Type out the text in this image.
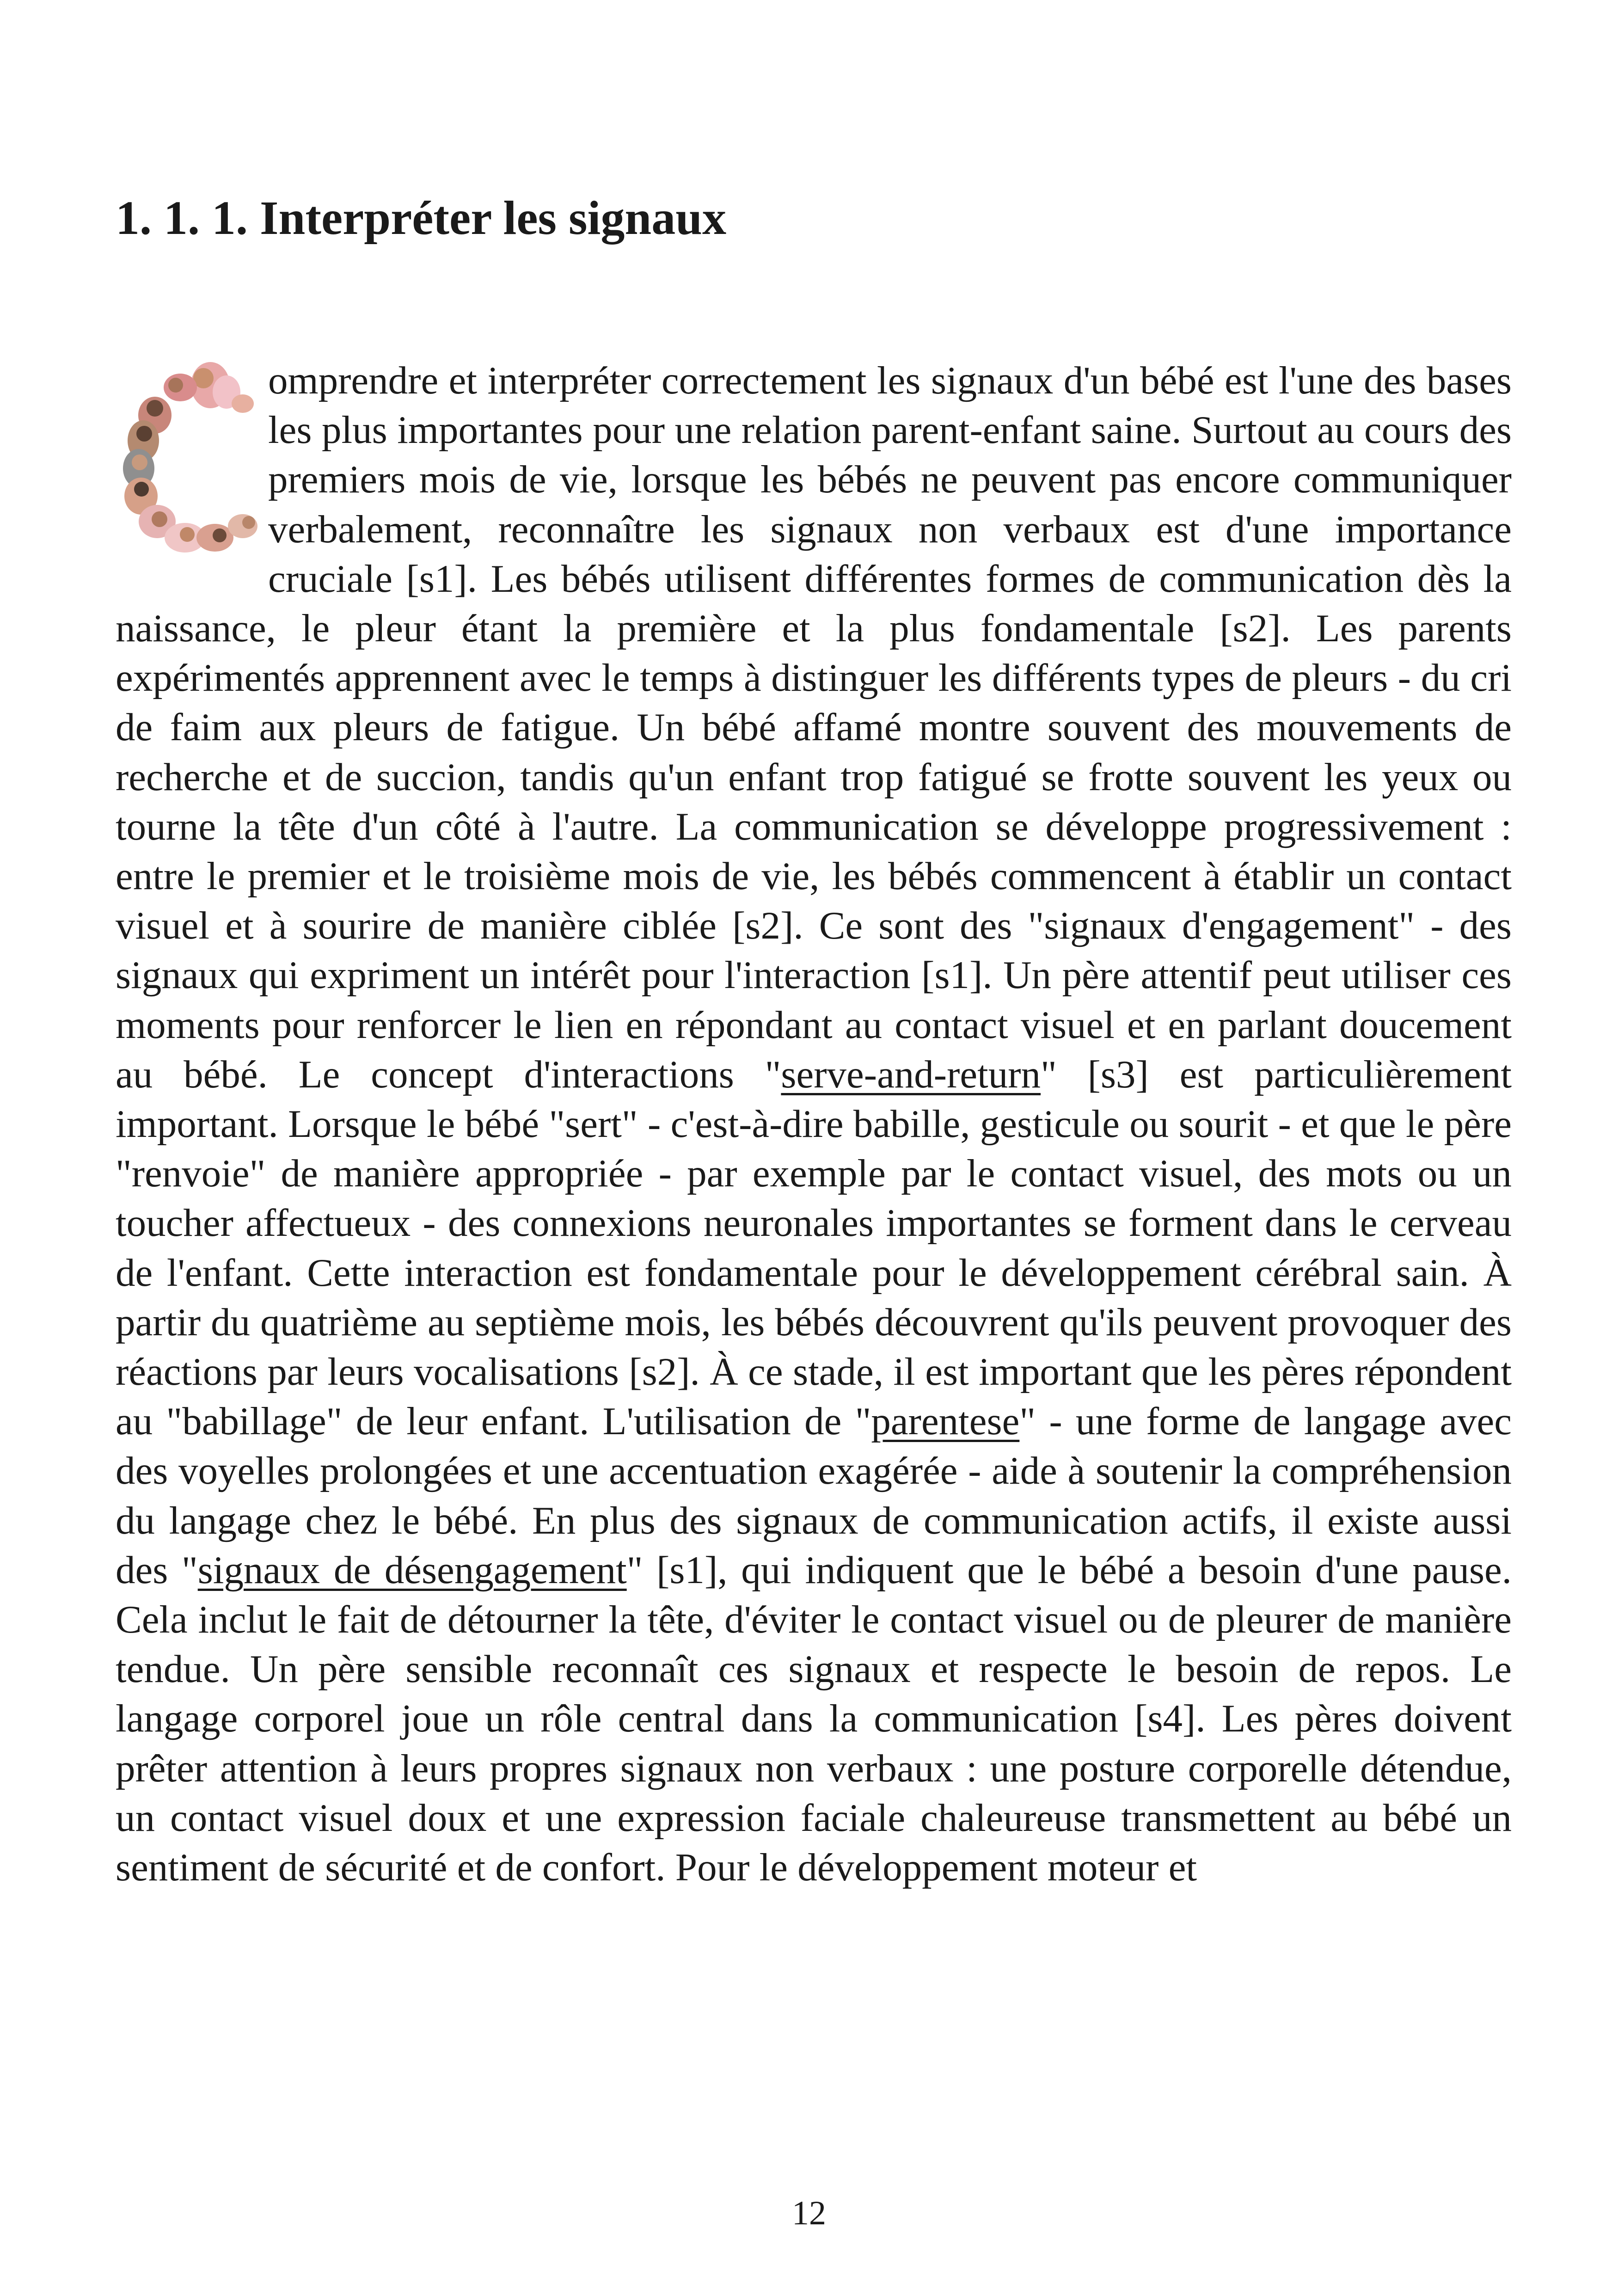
1. 1. 1. Interpréter les signaux

omprendre et interpréter correctement les signaux d'un bébé est l'une des bases les plus importantes pour une relation parent-enfant saine. Surtout au cours des premiers mois de vie, lorsque les bébés ne peuvent pas encore communiquer verbalement, reconnaître les signaux non verbaux est d'une importance cruciale [s1]. Les bébés utilisent différentes formes de communication dès la naissance, le pleur étant la première et la plus fondamentale [s2]. Les parents expérimentés apprennent avec le temps à distinguer les différents types de pleurs - du cri de faim aux pleurs de fatigue. Un bébé affamé montre souvent des mouvements de recherche et de succion, tandis qu'un enfant trop fatigué se frotte souvent les yeux ou tourne la tête d'un côté à l'autre. La communication se développe progressivement : entre le premier et le troisième mois de vie, les bébés commencent à établir un contact visuel et à sourire de manière ciblée [s2]. Ce sont des "signaux d'engagement" - des signaux qui expriment un intérêt pour l'interaction [s1]. Un père attentif peut utiliser ces moments pour renforcer le lien en répondant au contact visuel et en parlant doucement au bébé. Le concept d'interactions "serve-and-return" [s3] est particulièrement important. Lorsque le bébé "sert" - c'est-à-dire babille, gesticule ou sourit - et que le père "renvoie" de manière appropriée - par exemple par le contact visuel, des mots ou un toucher affectueux - des connexions neuronales importantes se forment dans le cerveau de l'enfant. Cette interaction est fondamentale pour le développement cérébral sain. À partir du quatrième au septième mois, les bébés découvrent qu'ils peuvent provoquer des réactions par leurs vocalisations [s2]. À ce stade, il est important que les pères répondent au "babillage" de leur enfant. L'utilisation de "parentese" - une forme de langage avec des voyelles prolongées et une accentuation exagérée - aide à soutenir la compréhension du langage chez le bébé. En plus des signaux de communication actifs, il existe aussi des "signaux de désengagement" [s1], qui indiquent que le bébé a besoin d'une pause. Cela inclut le fait de détourner la tête, d'éviter le contact visuel ou de pleurer de manière tendue. Un père sensible reconnaît ces signaux et respecte le besoin de repos. Le langage corporel joue un rôle central dans la communication [s4]. Les pères doivent prêter attention à leurs propres signaux non verbaux : une posture corporelle détendue, un contact visuel doux et une expression faciale chaleureuse transmettent au bébé un sentiment de sécurité et de confort. Pour le développement moteur et

12
